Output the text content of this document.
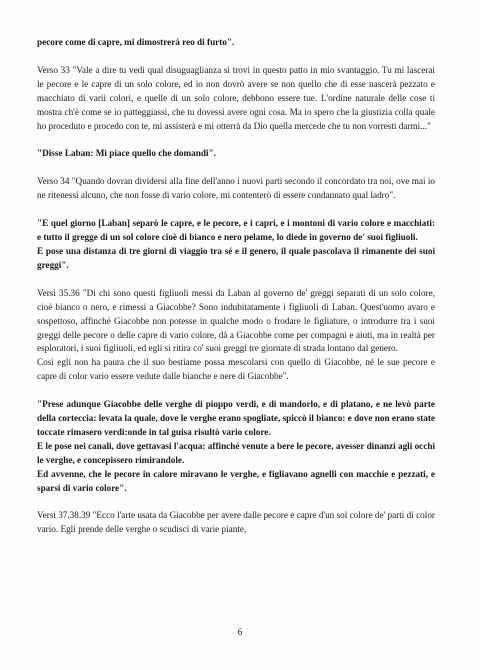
pecore come di capre, mi dimostrerà reo di furto".

Verso 33 "Vale a dire tu vedi qual disuguaglianza si trovi in questo patto in mio svantaggio. Tu mi lascerai le pecore e le capre di un solo colore, ed io non dovrò avere se non quello che di esse nascerà pezzato e macchiato di varii colori, e quelle di un solo colore, debbono essere tue. L'ordine naturale delle cose ti mostra ch'è come se io patteggiassi, che tu dovessi avere ogni cosa. Ma io spero che la giustizia colla quale ho proceduto e procedo con te, mi assisterà e mi otterrà da Dio quella mercede che tu non vorresti darmi..."

"Disse Laban: Mi piace quello che domandi".

Verso 34 "Quando dovran dividersi alla fine dell'anno i nuovi parti secondo il concordato tra noi, ove mai io ne ritenessi alcuno, che non fosse di vario colore, mi contenterò di essere condannato qual ladro".

"E quel giorno [Laban] separò le capre, e le pecore, e i capri, e i montoni di vario colore e macchiati: e tutto il gregge di un sol colore cioè di bianco e nero pelame, lo diede in governo de' suoi figliuoli.
E pose una distanza di tre giorni di viaggio tra sé e il genero, il quale pascolava il rimanente dei suoi greggi".

Versi 35.36 "Di chi sono questi figliuoli messi da Laban al governo de' greggi separati di un solo colore, cioè bianco o nero, e rimessi a Giacobbe? Sono indubitatamente i figliuoli di Laban. Quest'uomo avaro e sospettoso, affinché Giacobbe non potesse in qualche modo o frodare le figliature, o introdurre tra i suoi greggi delle pecore o delle capre di vario colore, dà a Giacobbe come per compagni e aiuti, ma in realtà per esploratori, i suoi figliuoli, ed egli si ritira co' suoi greggi tre giornate di strada lontano dal genero.
Così egli non ha paura che il suo bestiame possa mescolarsi con quello di Giacobbe, né le sue pecore e capre di color vario essere vedute dalle bianche e nere di Giacobbe".

"Prese adunque Giacobbe delle verghe di pioppo verdi, e di mandorlo, e di platano, e ne levò parte della corteccia: levata la quale, dove le verghe erano spogliate, spiccò il bianco: e dove non erano state toccate rimasero verdi:onde in tal guisa risultò vario colore.
E le pose nei canali, dove gettavasi l'acqua: affinché venute a bere le pecore, avesser dinanzi agli occhi le verghe, e concepissero rimirandole.
Ed avvenne, che le pecore in calore miravano le verghe, e figliavano agnelli con macchie e pezzati, e sparsi di vario colore".

Versi 37.38.39 "Ecco l'arte usata da Giacobbe per avere dalle pecore e capre d'un sol colore de' parti di color vario. Egli prende delle verghe o scudisci di varie piante,

6
